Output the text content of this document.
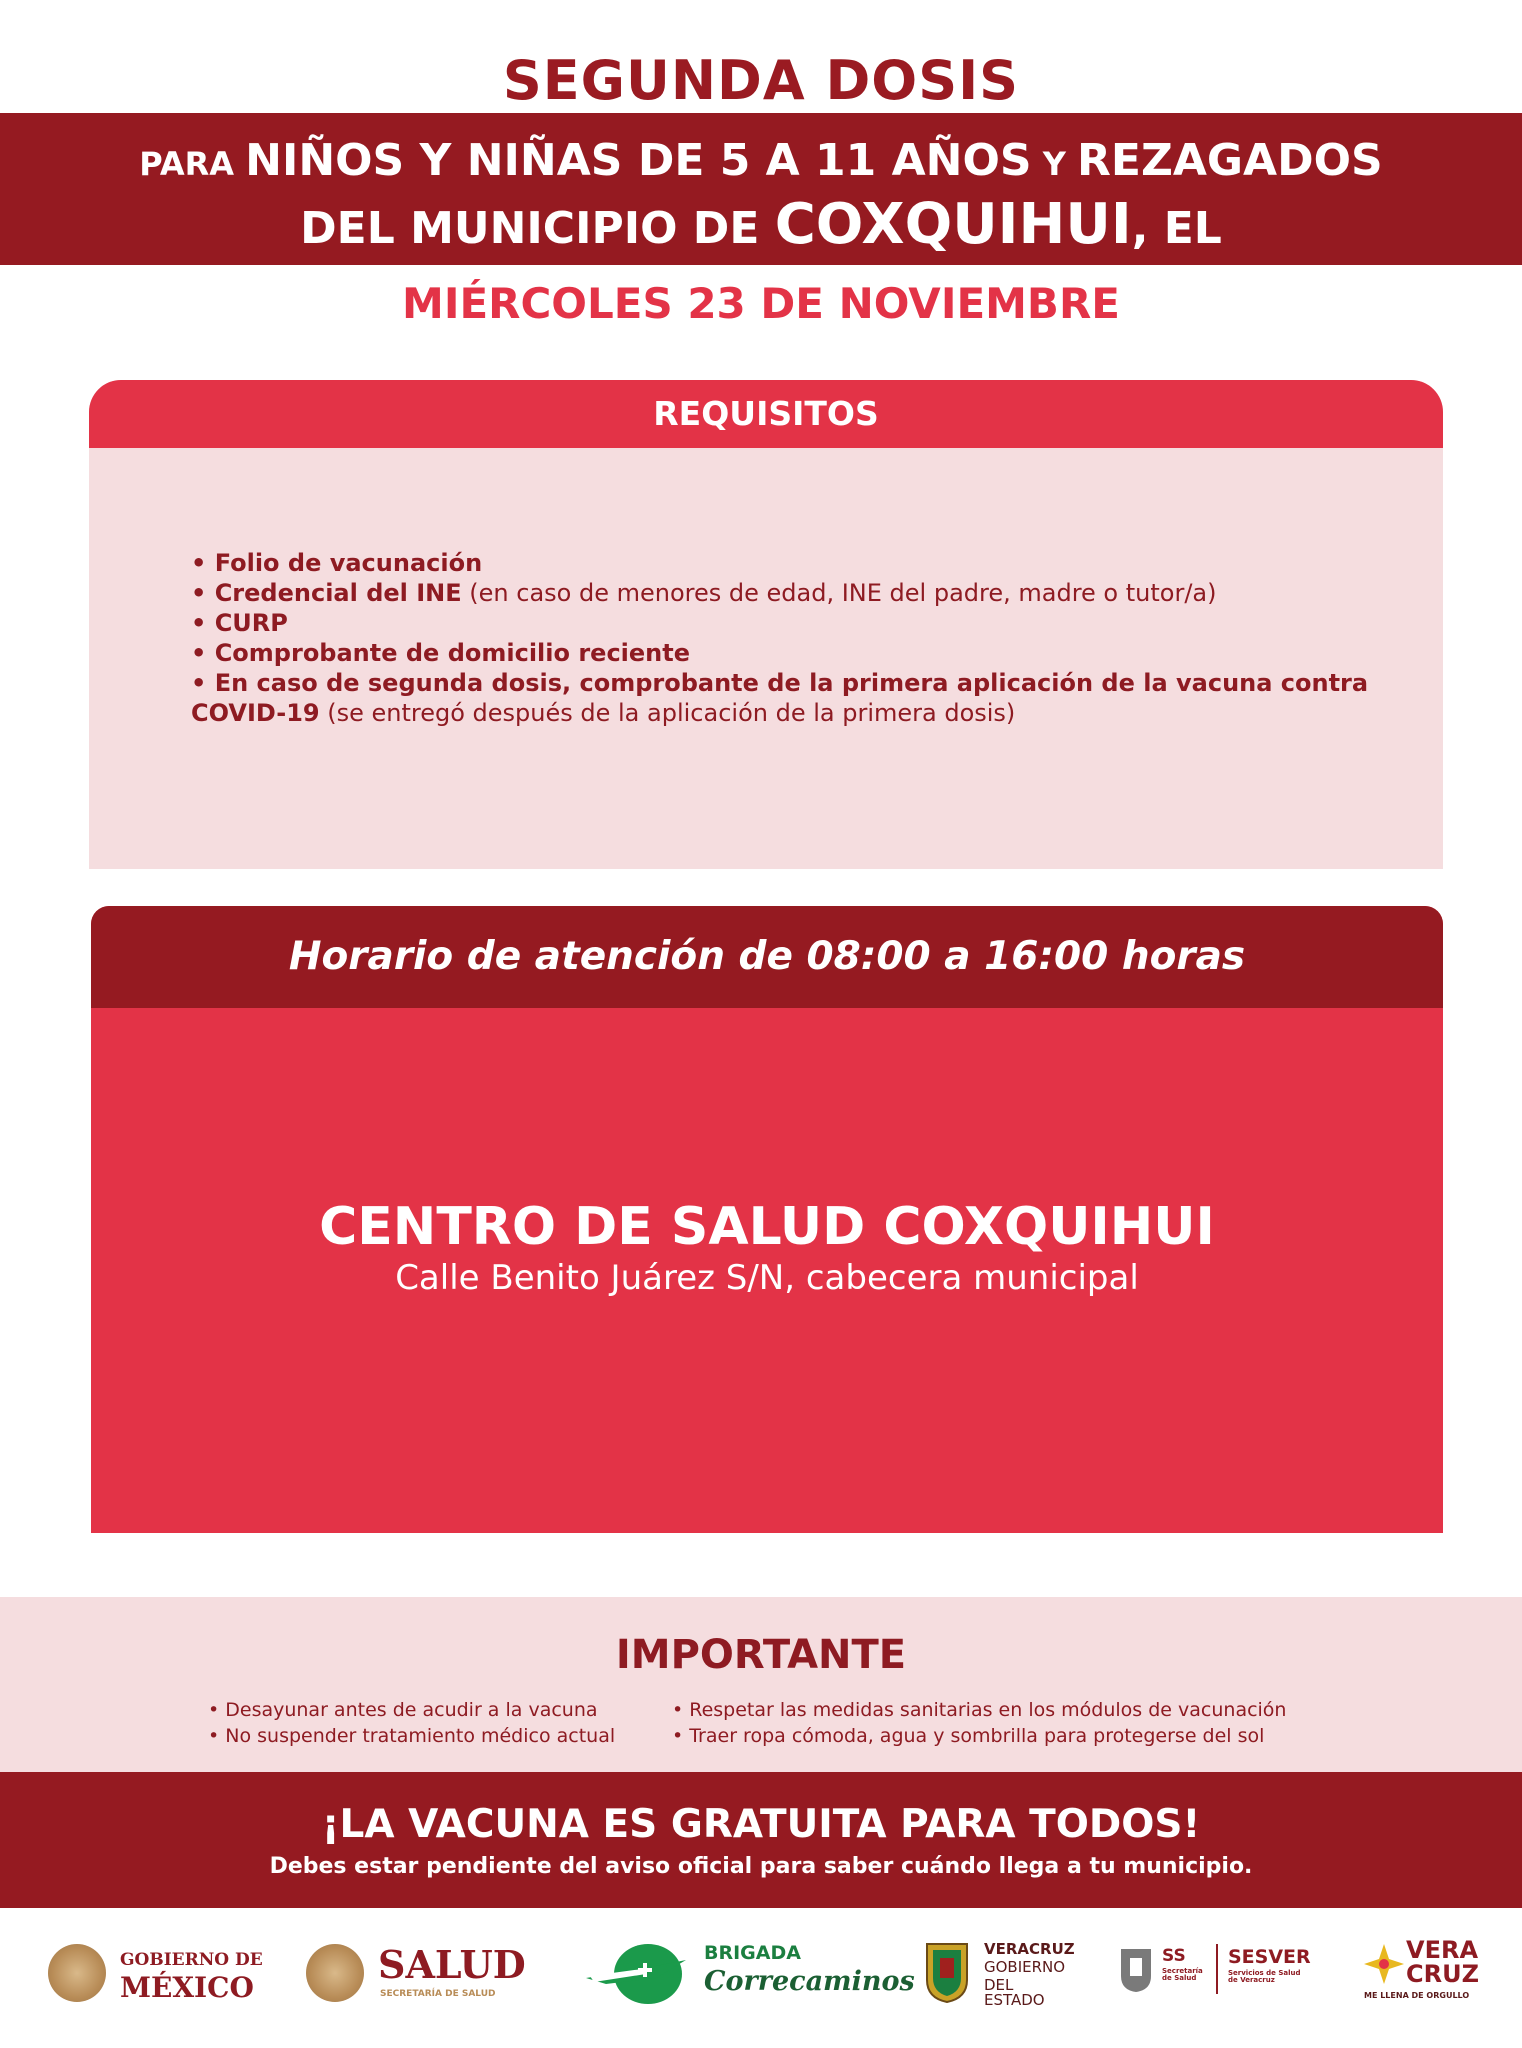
SEGUNDA DOSIS
PARA NIÑOS Y NIÑAS DE 5 A 11 AÑOS Y REZAGADOS
DEL MUNICIPIO DE COXQUIHUI, EL
MIÉRCOLES 23 DE NOVIEMBRE
REQUISITOS

• Folio de vacunación

• Credencial del INE (en caso de menores de edad, INE del padre, madre o tutor/a)

• CURP

• Comprobante de domicilio reciente

• En caso de segunda dosis, comprobante de la primera aplicación de la vacuna contra

COVID-19 (se entregó después de la aplicación de la primera dosis)

Horario de atención de 08:00 a 16:00 horas
CENTRO DE SALUD COXQUIHUI
Calle Benito Juárez S/N, cabecera municipal
IMPORTANTE
• Desayunar antes de acudir a la vacuna
• No suspender tratamiento médico actual
• Respetar las medidas sanitarias en los módulos de vacunación
• Traer ropa cómoda, agua y sombrilla para protegerse del sol
¡LA VACUNA ES GRATUITA PARA TODOS!
Debes estar pendiente del aviso oficial para saber cuándo llega a tu municipio.
GOBIERNO DE
MÉXICO
SALUD
SECRETARÍA DE SALUD
BRIGADA
Correcaminos
VERACRUZ
GOBIERNO
DEL ESTADO
SS
Secretaría de Salud
SESVER
Servicios de Salud de Veracruz
VERA
CRUZ
ME LLENA DE ORGULLO
